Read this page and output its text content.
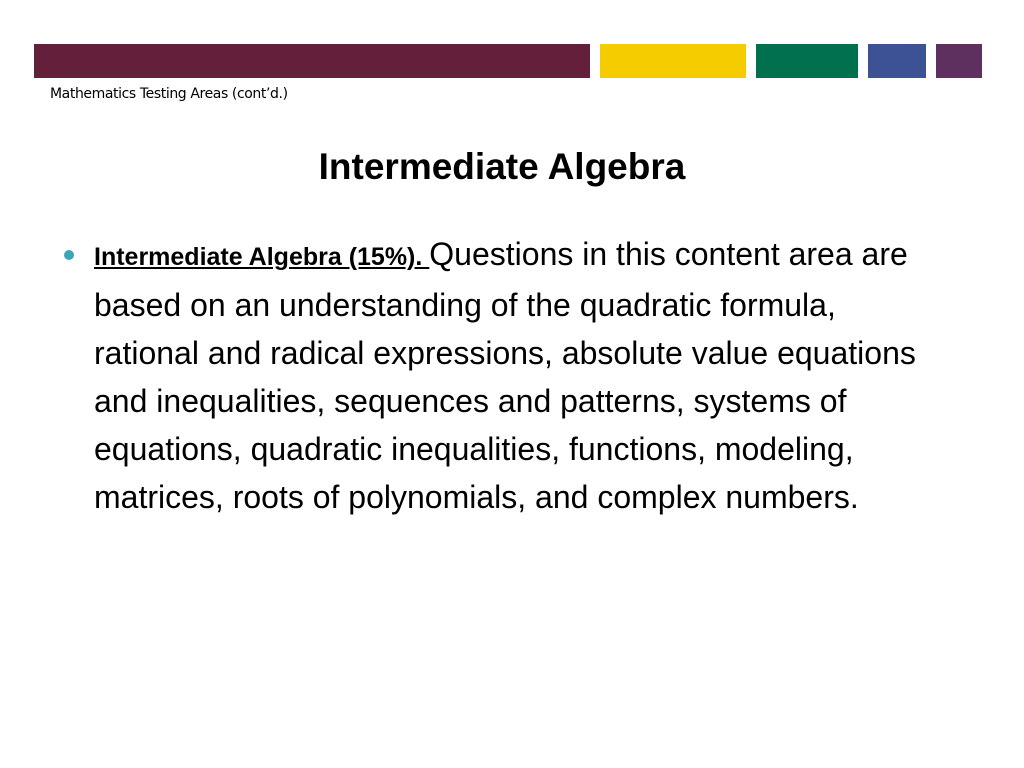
Mathematics Testing Areas (cont’d.)
Intermediate Algebra

Intermediate Algebra (15%). Questions in this content area are based on an understanding of the quadratic formula, rational and radical expressions, absolute value equations and inequalities, sequences and patterns, systems of equations, quadratic inequalities, functions, modeling, matrices, roots of polynomials, and complex numbers.
